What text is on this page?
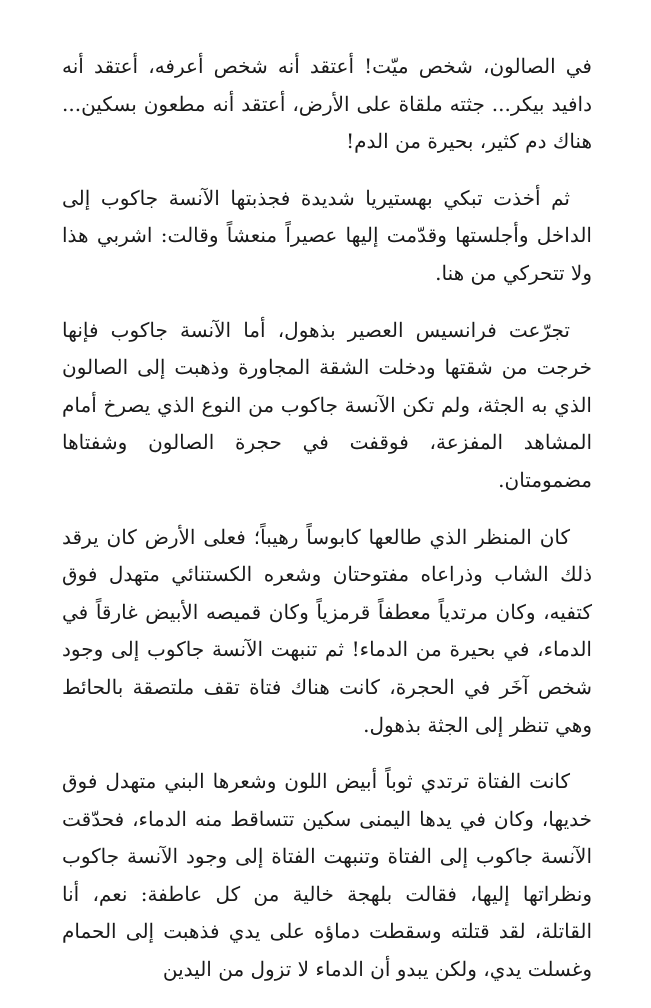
في الصالون، شخص ميّت! أعتقد أنه شخص أعرفه، أعتقد أنه دافيد بيكر... جثته ملقاة على الأرض، أعتقد أنه مطعون بسكين... هناك دم كثير، بحيرة من الدم!

ثم أخذت تبكي بهستيريا شديدة فجذبتها الآنسة جاكوب إلى الداخل وأجلستها وقدّمت إليها عصيراً منعشاً وقالت: اشربي هذا ولا تتحركي من هنا.

تجرّعت فرانسيس العصير بذهول، أما الآنسة جاكوب فإنها خرجت من شقتها ودخلت الشقة المجاورة وذهبت إلى الصالون الذي به الجثة، ولم تكن الآنسة جاكوب من النوع الذي يصرخ أمام المشاهد المفزعة، فوقفت في حجرة الصالون وشفتاها مضمومتان.

كان المنظر الذي طالعها كابوساً رهيباً؛ فعلى الأرض كان يرقد ذلك الشاب وذراعاه مفتوحتان وشعره الكستنائي متهدل فوق كتفيه، وكان مرتدياً معطفاً قرمزياً وكان قميصه الأبيض غارقاً في الدماء، في بحيرة من الدماء! ثم تنبهت الآنسة جاكوب إلى وجود شخص آخَر في الحجرة، كانت هناك فتاة تقف ملتصقة بالحائط وهي تنظر إلى الجثة بذهول.

كانت الفتاة ترتدي ثوباً أبيض اللون وشعرها البني متهدل فوق خديها، وكان في يدها اليمنى سكين تتساقط منه الدماء، فحدّقت الآنسة جاكوب إلى الفتاة وتنبهت الفتاة إلى وجود الآنسة جاكوب ونظراتها إليها، فقالت بلهجة خالية من كل عاطفة: نعم، أنا القاتلة، لقد قتلته وسقطت دماؤه على يدي فذهبت إلى الحمام وغسلت يدي، ولكن يبدو أن الدماء لا تزول من اليدين
